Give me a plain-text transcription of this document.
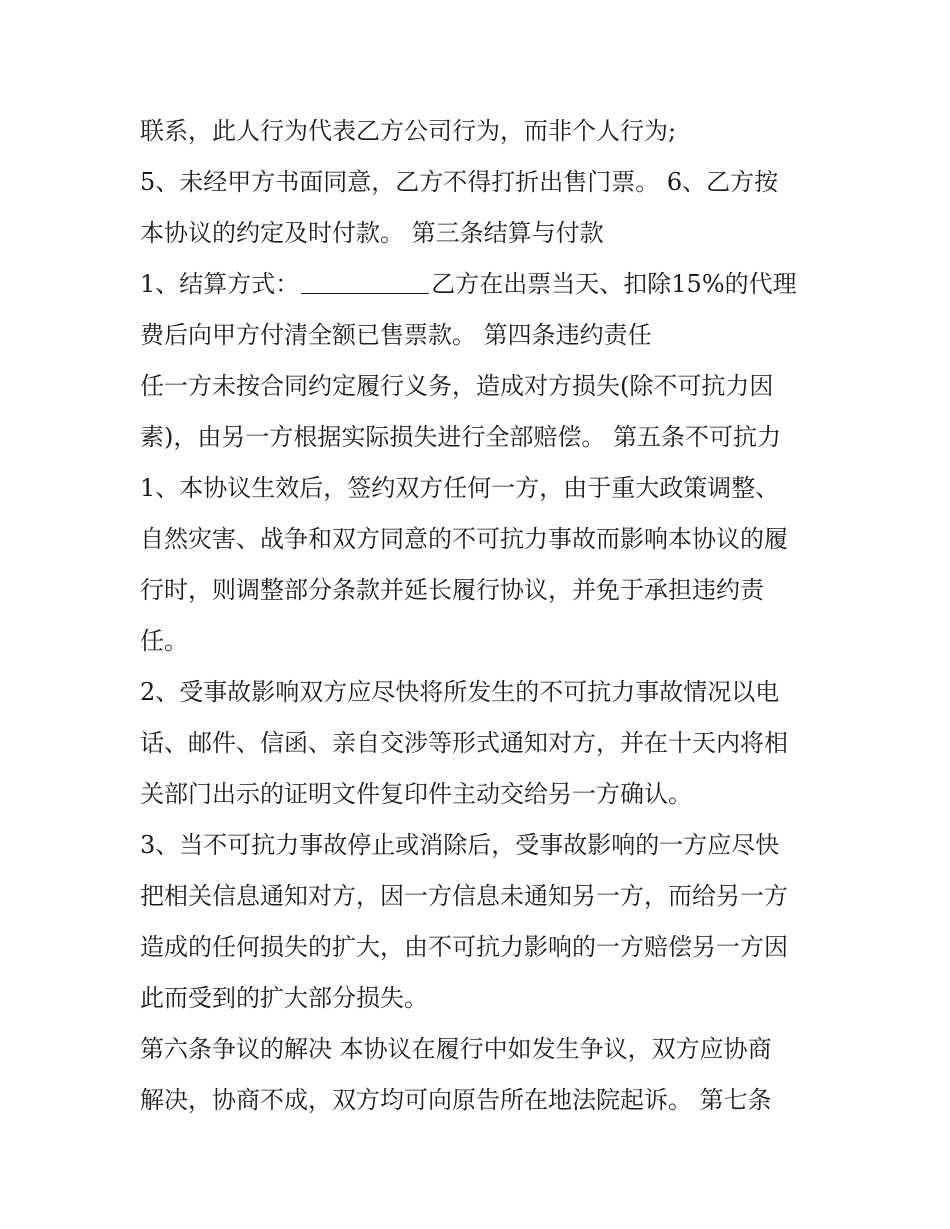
联系，此人行为代表乙方公司行为，而非个人行为;
5、未经甲方书面同意，乙方不得打折出售门票。 6、乙方按
本协议的约定及时付款。 第三条结算与付款
1、结算方式：	乙方在出票当天、扣除15%的代理
费后向甲方付清全额已售票款。 第四条违约责任
任一方未按合同约定履行义务，造成对方损失(除不可抗力因
素)，由另一方根据实际损失进行全部赔偿。 第五条不可抗力
1、本协议生效后，签约双方任何一方，由于重大政策调整、
自然灾害、战争和双方同意的不可抗力事故而影响本协议的履
行时，则调整部分条款并延长履行协议，并免于承担违约责
任。
2、受事故影响双方应尽快将所发生的不可抗力事故情况以电
话、邮件、信函、亲自交涉等形式通知对方，并在十天内将相
关部门出示的证明文件复印件主动交给另一方确认。
3、当不可抗力事故停止或消除后，受事故影响的一方应尽快
把相关信息通知对方，因一方信息未通知另一方，而给另一方
造成的任何损失的扩大，由不可抗力影响的一方赔偿另一方因
此而受到的扩大部分损失。
第六条争议的解决 本协议在履行中如发生争议，双方应协商
解决，协商不成，双方均可向原告所在地法院起诉。 第七条
